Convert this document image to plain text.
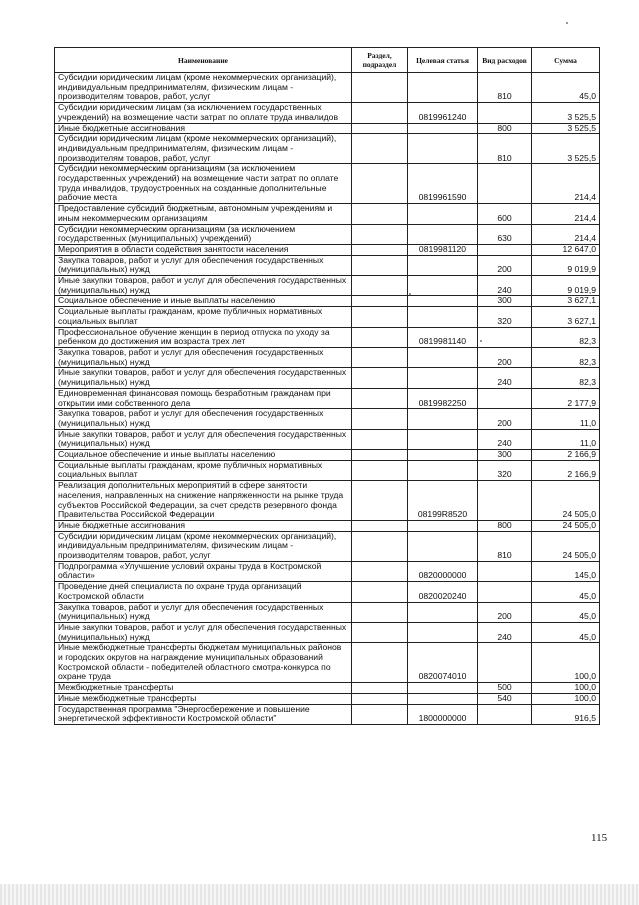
Наименование	Раздел, подраздел	Целевая статья	Вид расходов	Сумма
Субсидии юридическим лицам (кроме некоммерческих организаций), индивидуальным предпринимателям, физическим лицам - производителям товаров, работ, услуг			810	45,0
Субсидии юридическим лицам (за исключением государственных учреждений) на возмещение части затрат по оплате труда инвалидов		0819961240		3 525,5
Иные бюджетные ассигнования			800	3 525,5
Субсидии юридическим лицам (кроме некоммерческих организаций), индивидуальным предпринимателям, физическим лицам - производителям товаров, работ, услуг			810	3 525,5
Субсидии некоммерческим организациям (за исключением государственных учреждений) на возмещение части затрат по оплате труда инвалидов, трудоустроенных на созданные дополнительные рабочие места		0819961590		214,4
Предоставление субсидий бюджетным, автономным учреждениям и иным некоммерческим организациям			600	214,4
Субсидии некоммерческим организациям (за исключением государственных (муниципальных) учреждений)			630	214,4
Мероприятия в области содействия занятости населения		0819981120		12 647,0
Закупка товаров, работ и услуг для обеспечения государственных (муниципальных) нужд			200	9 019,9
Иные закупки товаров, работ и услуг для обеспечения государственных (муниципальных) нужд			240	9 019,9
Социальное обеспечение и иные выплаты населению			300	3 627,1
Социальные выплаты гражданам, кроме публичных нормативных социальных выплат			320	3 627,1
Профессиональное обучение женщин в период отпуска по уходу за ребенком до достижения им возраста трех лет		0819981140		82,3
Закупка товаров, работ и услуг для обеспечения государственных (муниципальных) нужд			200	82,3
Иные закупки товаров, работ и услуг для обеспечения государственных (муниципальных) нужд			240	82,3
Единовременная финансовая помощь безработным гражданам при открытии ими собственного дела		0819982250		2 177,9
Закупка товаров, работ и услуг для обеспечения государственных (муниципальных) нужд			200	11,0
Иные закупки товаров, работ и услуг для обеспечения государственных (муниципальных) нужд			240	11,0
Социальное обеспечение и иные выплаты населению			300	2 166,9
Социальные выплаты гражданам, кроме публичных нормативных социальных выплат			320	2 166,9
Реализация дополнительных мероприятий в сфере занятости населения, направленных на снижение напряженности на рынке труда субъектов Российской Федерации, за счет средств резервного фонда Правительства Российской Федерации		08199R8520		24 505,0
Иные бюджетные ассигнования			800	24 505,0
Субсидии юридическим лицам (кроме некоммерческих организаций), индивидуальным предпринимателям, физическим лицам - производителям товаров, работ, услуг			810	24 505,0
Подпрограмма «Улучшение условий охраны труда в Костромской области»		0820000000		145,0
Проведение дней специалиста по охране труда организаций Костромской области		0820020240		45,0
Закупка товаров, работ и услуг для обеспечения государственных (муниципальных) нужд			200	45,0
Иные закупки товаров, работ и услуг для обеспечения государственных (муниципальных) нужд			240	45,0
Иные межбюджетные трансферты бюджетам муниципальных районов и городских округов на награждение муниципальных образований Костромской области - победителей областного смотра-конкурса по охране труда		0820074010		100,0
Межбюджетные трансферты			500	100,0
Иные межбюджетные трансферты			540	100,0
Государственная программа "Энергосбережение и повышение энергетической эффективности Костромской области"		1800000000		916,5
115
